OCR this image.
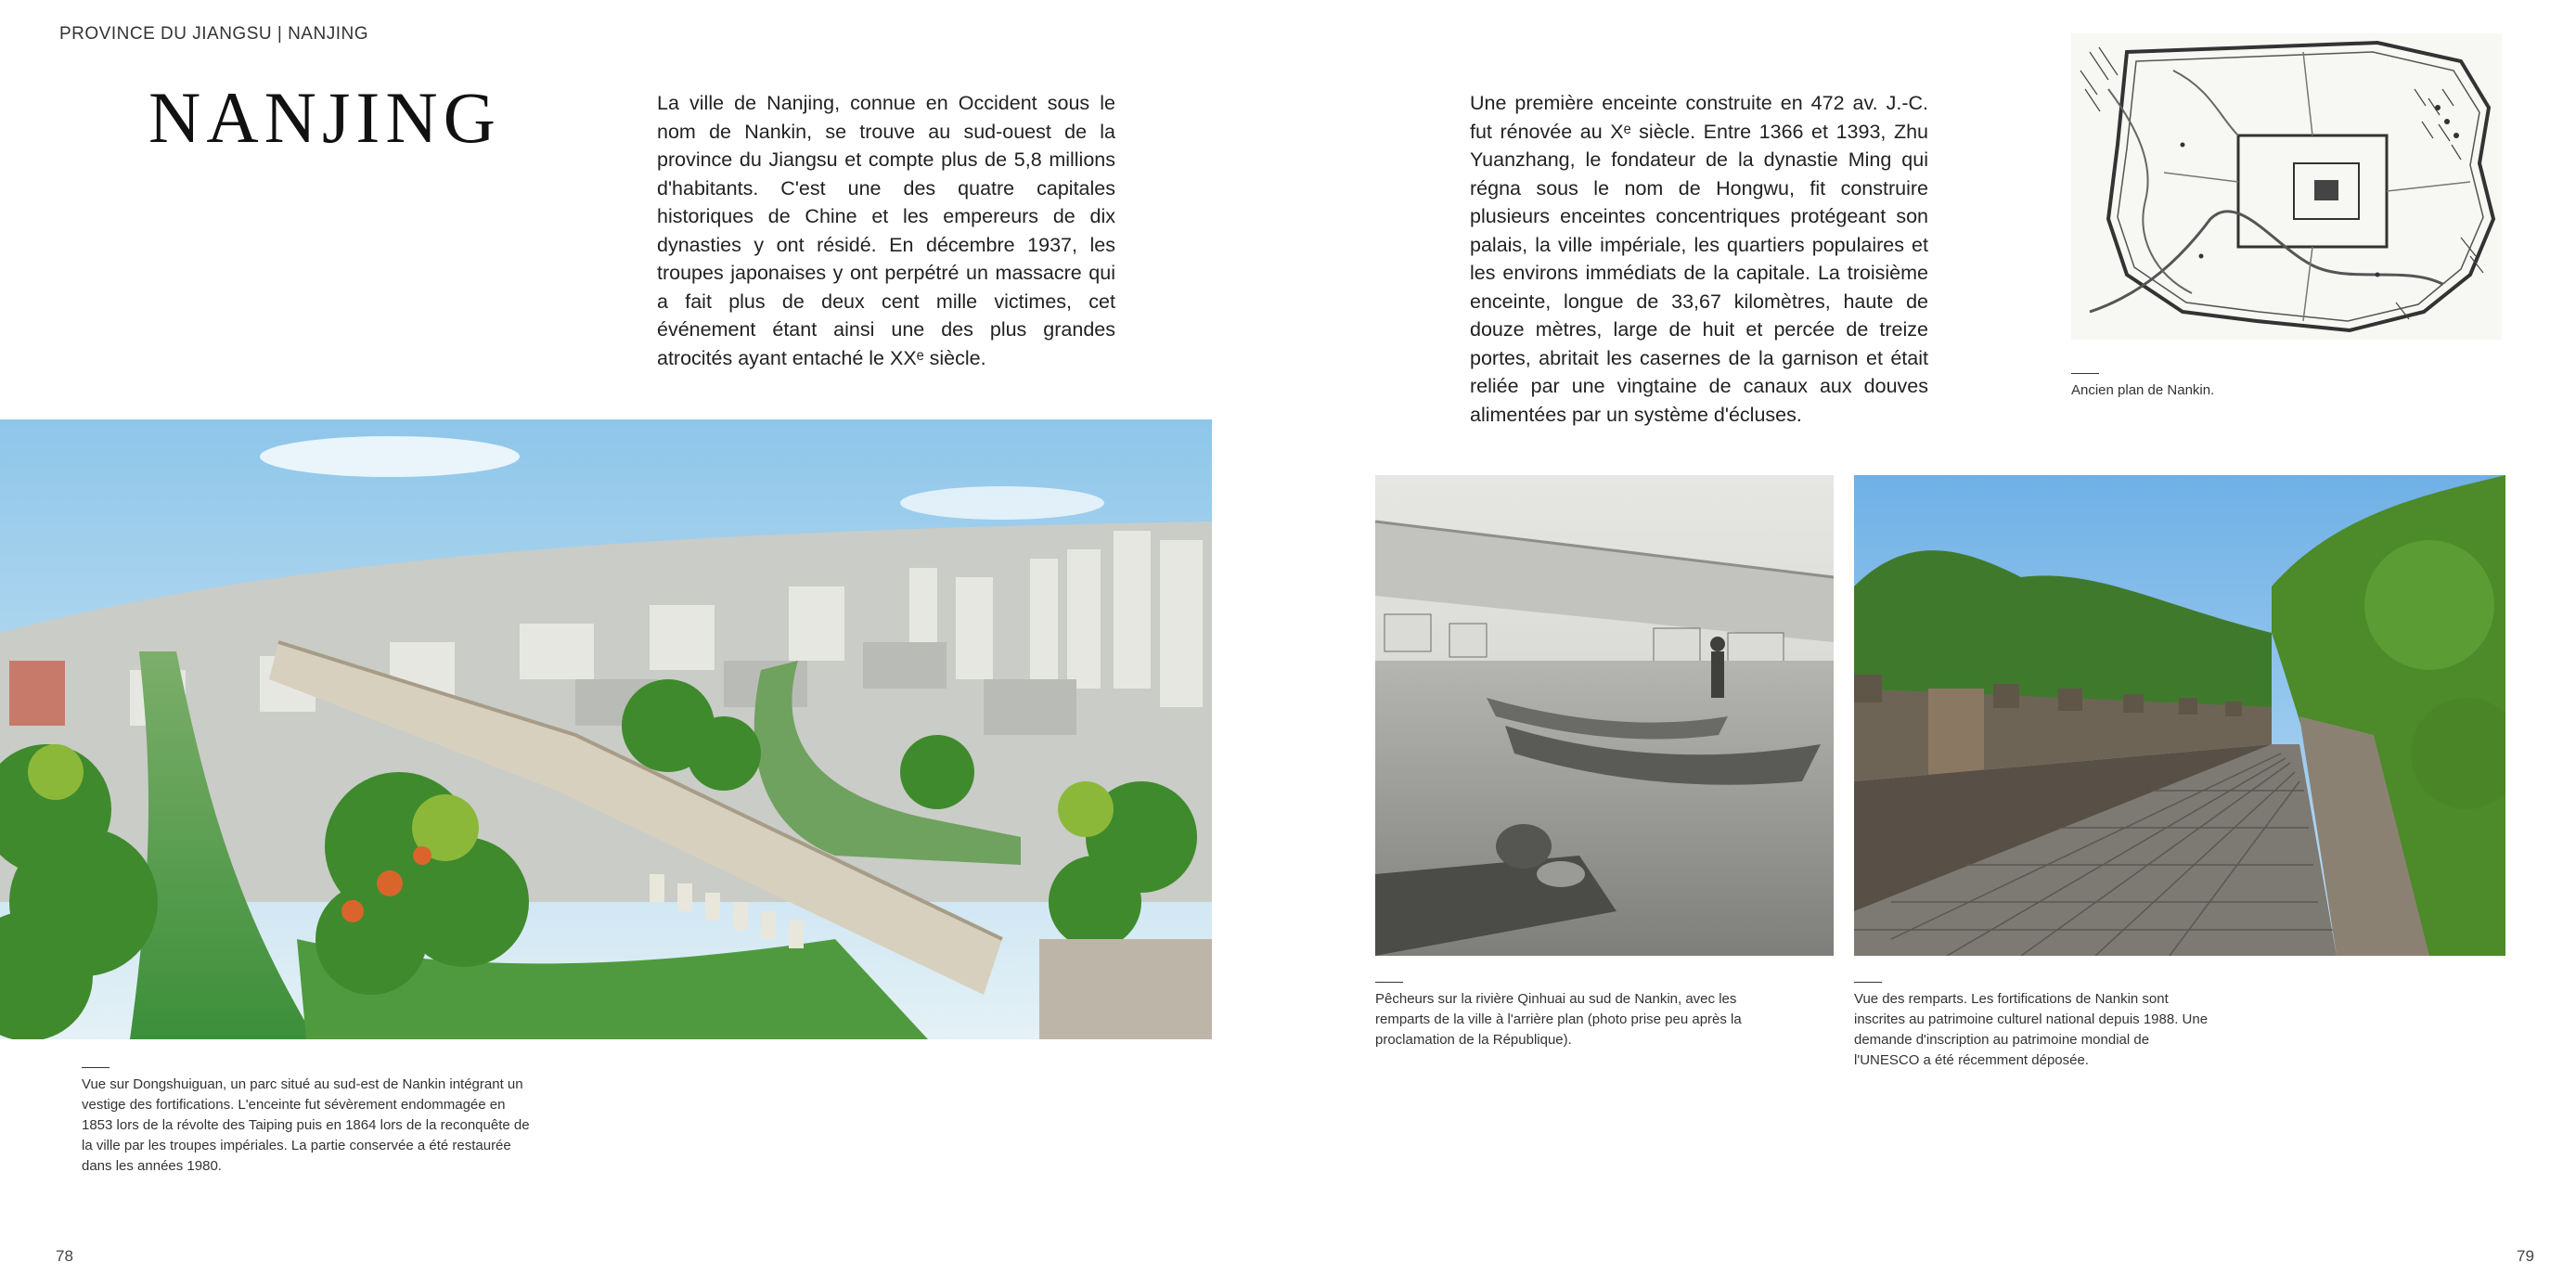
PROVINCE DU JIANGSU | NANJING
NANJING	La ville de Nanjing, connue en Occident sous le nom de Nankin, se trouve au sud-ouest de la province du Jiangsu et compte plus de 5,8 millions d'habitants. C'est une des quatre capitales historiques de Chine et les empereurs de dix dynasties y ont résidé. En décembre 1937, les troupes japonaises y ont perpétré un massacre qui a fait plus de deux cent mille victimes, cet événement étant ainsi une des plus grandes atrocités ayant entaché le XXᵉ siècle.

Une première enceinte construite en 472 av. J.-C. fut rénovée au Xᵉ siècle. Entre 1366 et 1393, Zhu Yuanzhang, le fondateur de la dynastie Ming qui régna sous le nom de Hongwu, fit construire plusieurs enceintes concentriques protégeant son palais, la ville impériale, les quartiers populaires et les environs immédiats de la capitale. La troisième enceinte, longue de 33,67 kilomètres, haute de douze mètres, large de huit et percée de treize portes, abritait les casernes de la garnison et était reliée par une vingtaine de canaux aux douves alimentées par un système d'écluses.

Ancien plan de Nankin.

Vue sur Dongshuiguan, un parc situé au sud-est de Nankin intégrant un vestige des fortifications. L'enceinte fut sévèrement endommagée en 1853 lors de la révolte des Taiping puis en 1864 lors de la reconquête de la ville par les troupes impériales. La partie conservée a été restaurée dans les années 1980.

Pêcheurs sur la rivière Qinhuai au sud de Nankin, avec les remparts de la ville à l'arrière plan (photo prise peu après la proclamation de la République).

Vue des remparts. Les fortifications de Nankin sont inscrites au patrimoine culturel national depuis 1988. Une demande d'inscription au patrimoine mondial de l'UNESCO a été récemment déposée.

78	79
